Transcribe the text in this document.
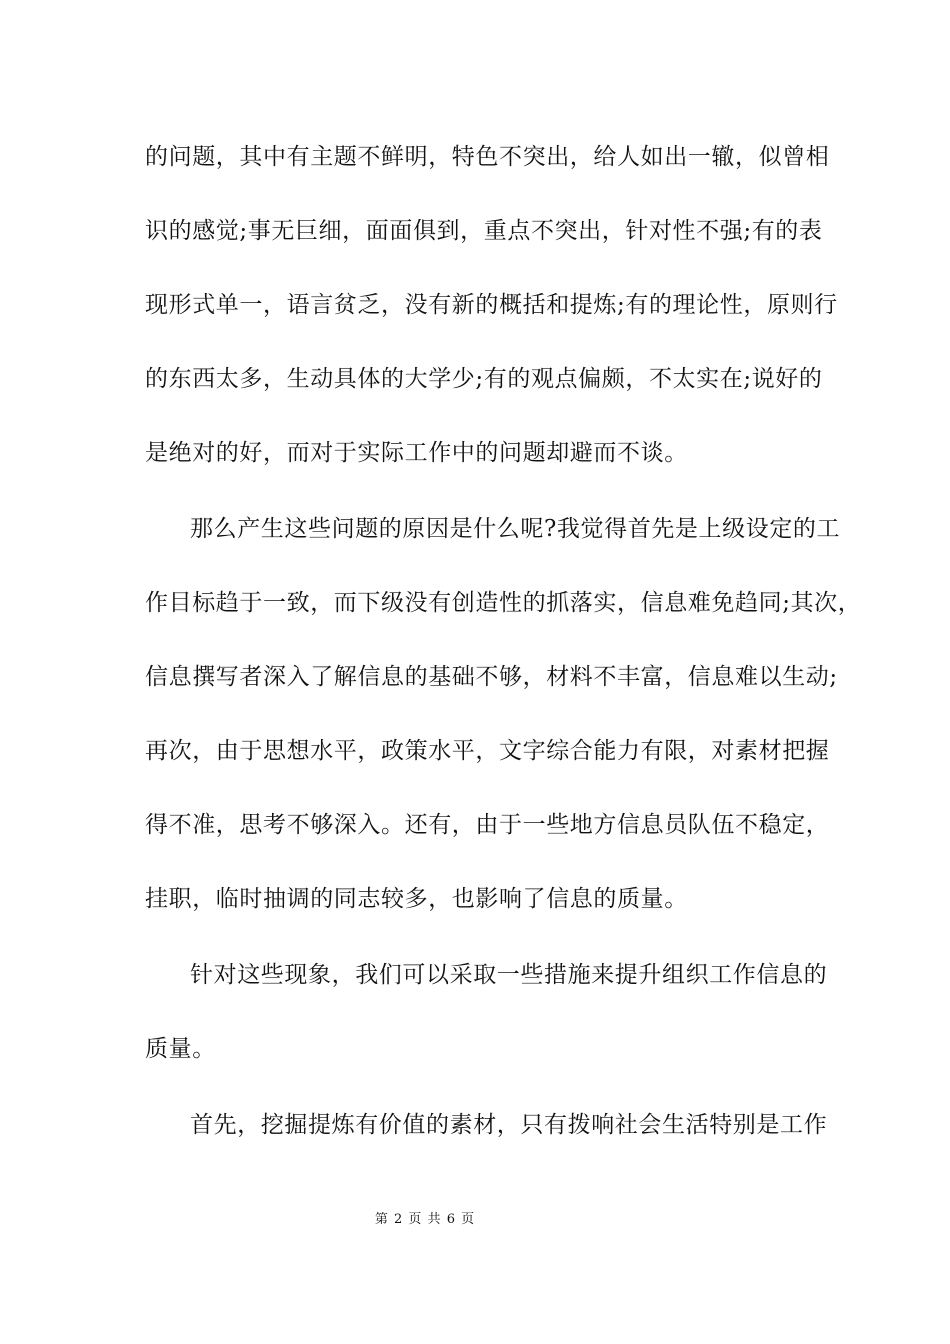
的问题，其中有主题不鲜明，特色不突出，给人如出一辙，似曾相
识的感觉;事无巨细，面面俱到，重点不突出，针对性不强;有的表
现形式单一，语言贫乏，没有新的概括和提炼;有的理论性，原则行
的东西太多，生动具体的大学少;有的观点偏颇，不太实在;说好的
是绝对的好，而对于实际工作中的问题却避而不谈。
那么产生这些问题的原因是什么呢?我觉得首先是上级设定的工
作目标趋于一致，而下级没有创造性的抓落实，信息难免趋同;其次，
信息撰写者深入了解信息的基础不够，材料不丰富，信息难以生动;
再次，由于思想水平，政策水平，文字综合能力有限，对素材把握
得不准，思考不够深入。还有，由于一些地方信息员队伍不稳定，
挂职，临时抽调的同志较多，也影响了信息的质量。
针对这些现象，我们可以采取一些措施来提升组织工作信息的
质量。
首先，挖掘提炼有价值的素材，只有拨响社会生活特别是工作
第 2 页 共 6 页
